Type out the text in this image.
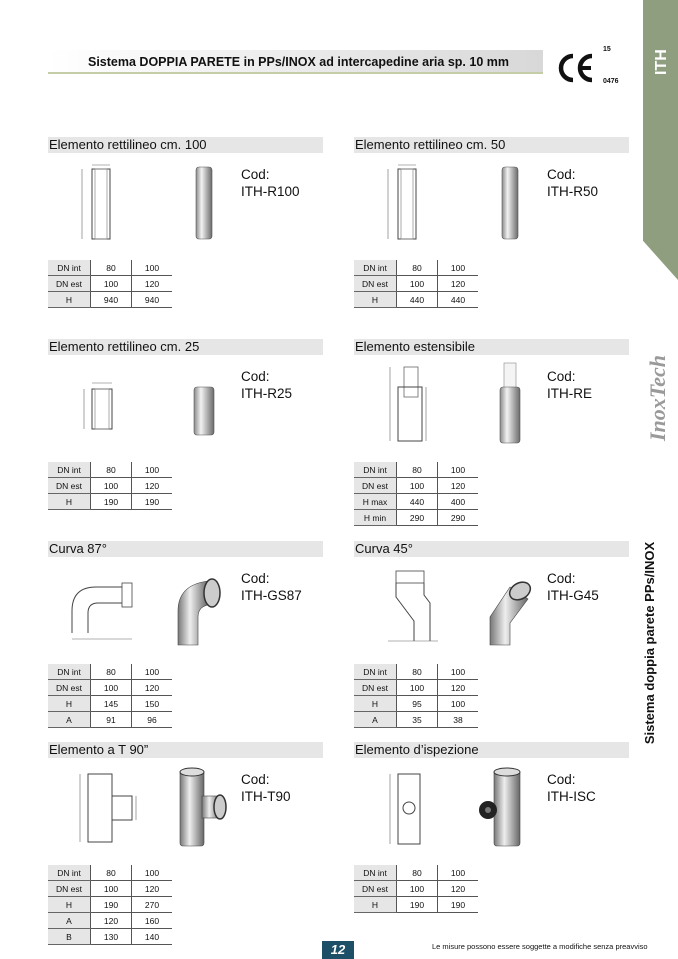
Sistema DOPPIA PARETE in PPs/INOX ad intercapedine aria sp. 10 mm
15
0476
ITH
InoxTech
Sistema doppia parete PPs/INOX
Elemento rettilineo cm. 100
Cod:
ITH-R100
DN int	80	100
DN est	100	120
H	940	940
Elemento rettilineo cm. 50
Cod:
ITH-R50
DN int	80	100
DN est	100	120
H	440	440
Elemento rettilineo cm. 25
Cod:
ITH-R25
DN int	80	100
DN est	100	120
H	190	190
Elemento estensibile
Cod:
ITH-RE
DN int	80	100
DN est	100	120
H max	440	400
H min	290	290
Curva 87°
Cod:
ITH-GS87
DN int	80	100
DN est	100	120
H	145	150
A	91	96
Curva 45°
Cod:
ITH-G45
DN int	80	100
DN est	100	120
H	95	100
A	35	38
Elemento a T 90”
Cod:
ITH-T90
DN int	80	100
DN est	100	120
H	190	270
A	120	160
B	130	140
Elemento d’ispezione
Cod:
ITH-ISC
DN int	80	100
DN est	100	120
H	190	190
12	Le misure possono essere soggette a modifiche senza preavviso
